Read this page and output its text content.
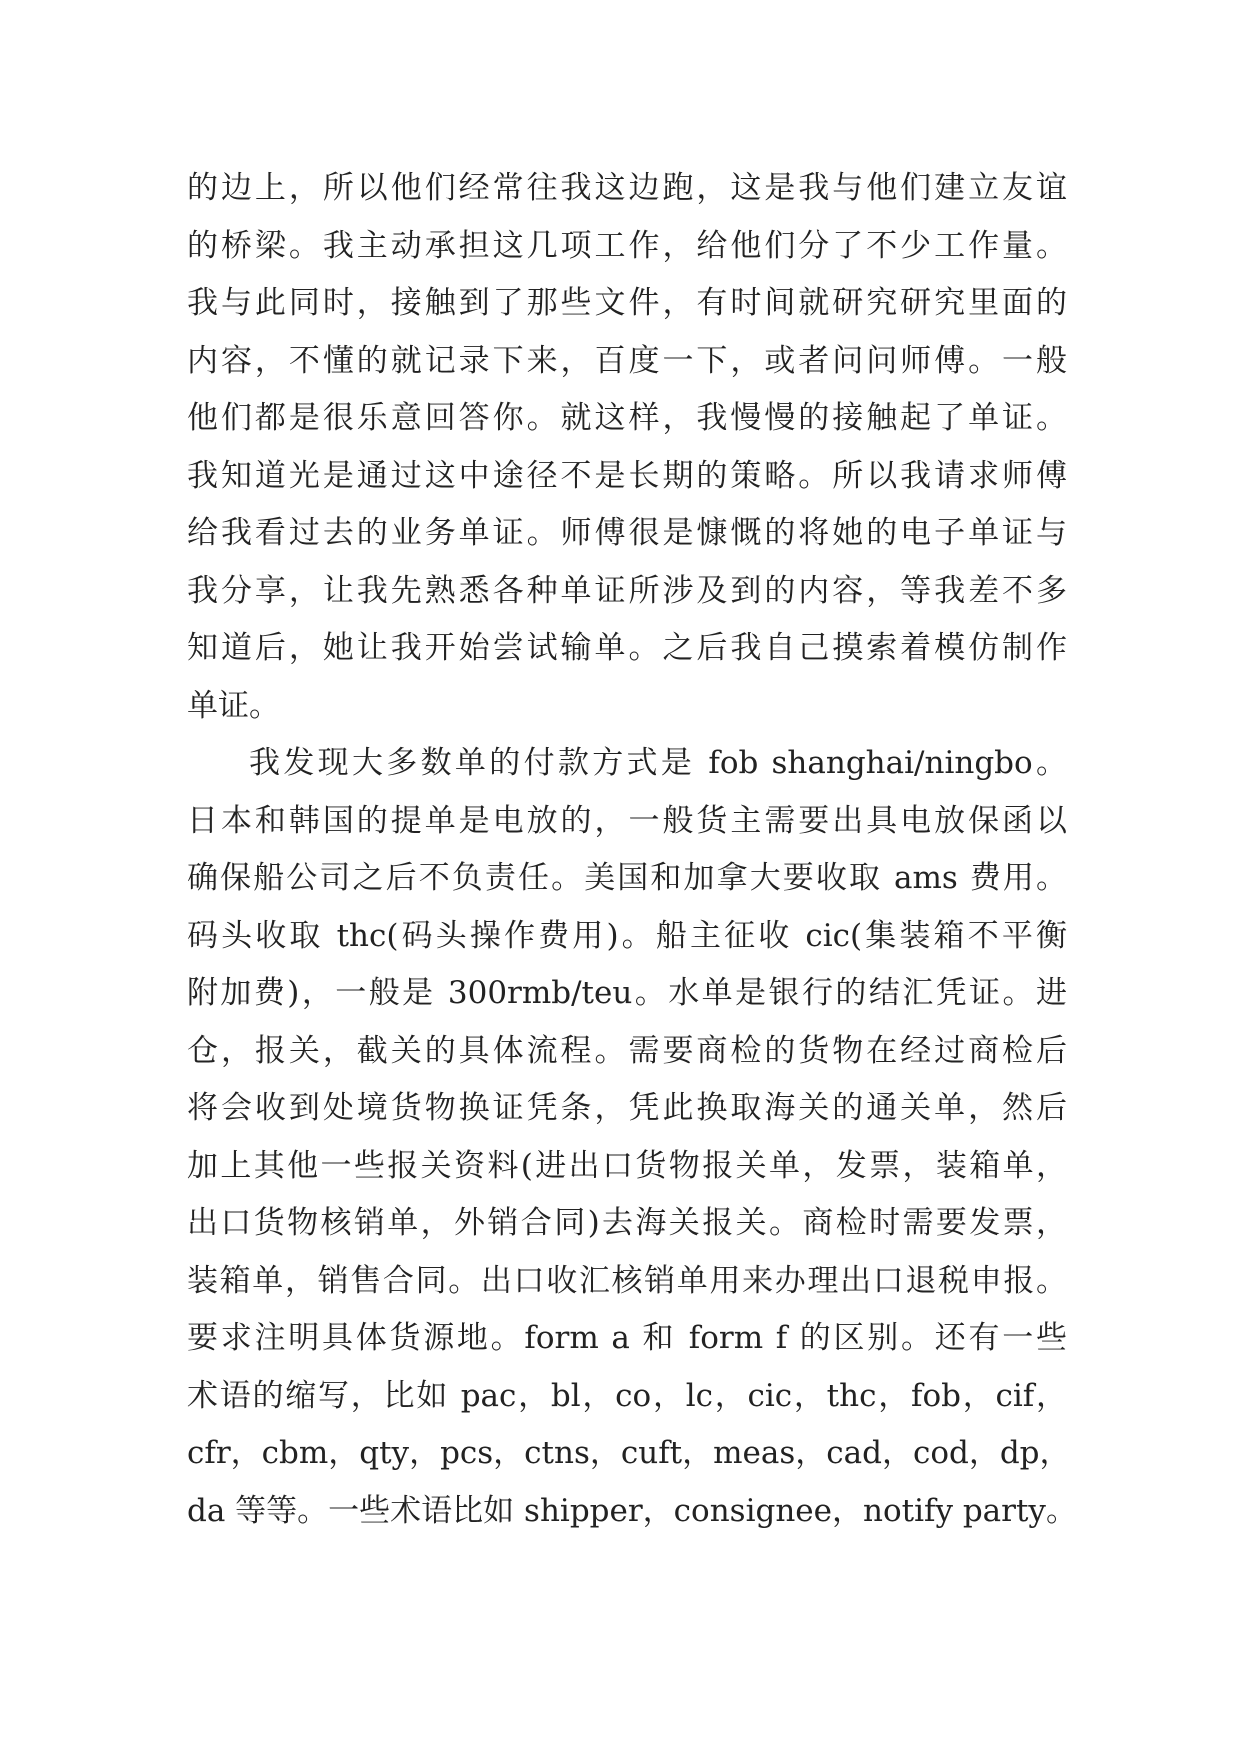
的边上，所以他们经常往我这边跑，这是我与他们建立友谊
的桥梁。我主动承担这几项工作，给他们分了不少工作量。
我与此同时，接触到了那些文件，有时间就研究研究里面的
内容，不懂的就记录下来，百度一下，或者问问师傅。一般
他们都是很乐意回答你。就这样，我慢慢的接触起了单证。
我知道光是通过这中途径不是长期的策略。所以我请求师傅
给我看过去的业务单证。师傅很是慷慨的将她的电子单证与
我分享，让我先熟悉各种单证所涉及到的内容，等我差不多
知道后，她让我开始尝试输单。之后我自己摸索着模仿制作
单证。
我发现大多数单的付款方式是 fob shanghai/ningbo。
日本和韩国的提单是电放的，一般货主需要出具电放保函以
确保船公司之后不负责任。美国和加拿大要收取 ams 费用。
码头收取 thc(码头操作费用)。船主征收 cic(集装箱不平衡
附加费)，一般是 300rmb/teu。水单是银行的结汇凭证。进
仓，报关，截关的具体流程。需要商检的货物在经过商检后
将会收到处境货物换证凭条，凭此换取海关的通关单，然后
加上其他一些报关资料(进出口货物报关单，发票，装箱单，
出口货物核销单，外销合同)去海关报关。商检时需要发票，
装箱单，销售合同。出口收汇核销单用来办理出口退税申报。
要求注明具体货源地。form a 和 form f 的区别。还有一些
术语的缩写，比如 pac，bl，co，lc，cic，thc，fob，cif，
cfr，cbm，qty，pcs，ctns，cuft，meas，cad，cod，dp，
da 等等。一些术语比如 shipper，consignee，notify party。
